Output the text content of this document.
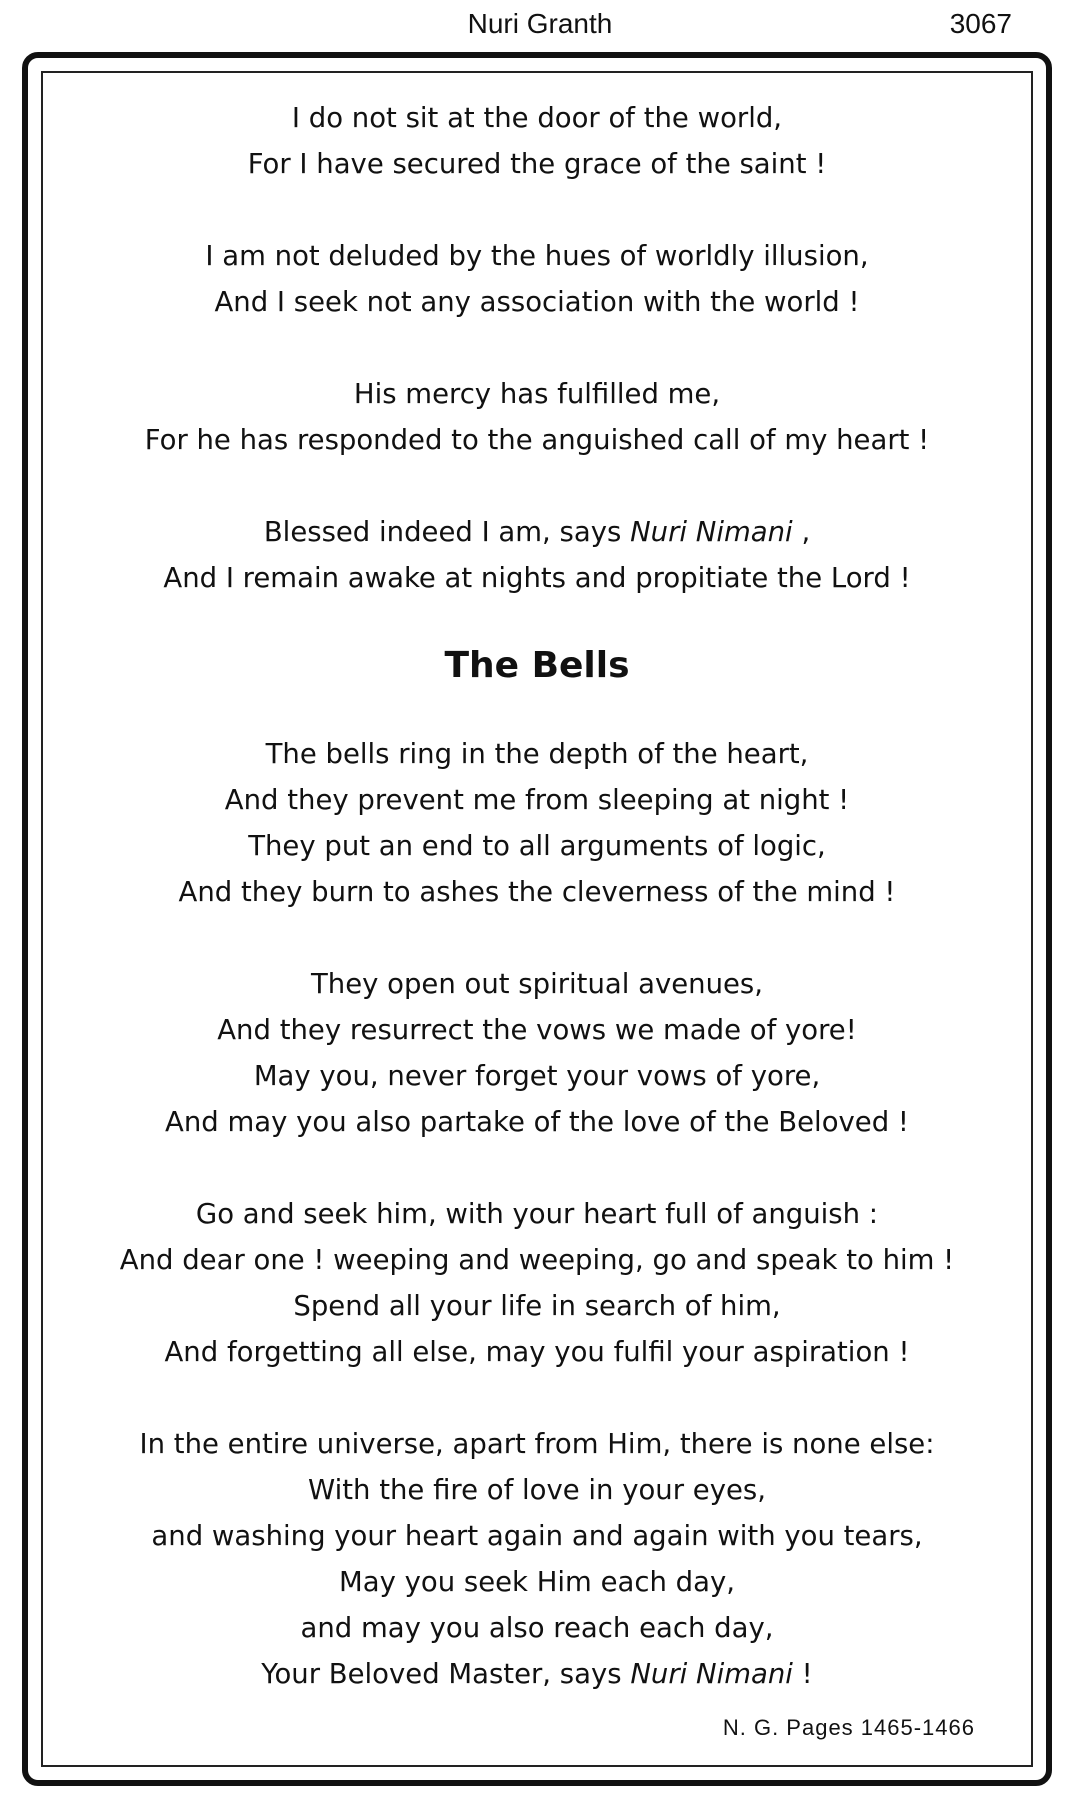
Nuri Granth	3067
I do not sit at the door of the world,
For I have secured the grace of the saint !
I am not deluded by the hues of worldly illusion,
And I seek not any association with the world !
His mercy has fulfilled me,
For he has responded to the anguished call of my heart !
Blessed indeed I am, says Nuri Nimani ,
And I remain awake at nights and propitiate the Lord !
The Bells
The bells ring in the depth of the heart,
And they prevent me from sleeping at night !
They put an end to all arguments of logic,
And they burn to ashes the cleverness of the mind !
They open out spiritual avenues,
And they resurrect the vows we made of yore!
May you, never forget your vows of yore,
And may you also partake of the love of the Beloved !
Go and seek him, with your heart full of anguish :
And dear one ! weeping and weeping, go and speak to him !
Spend all your life in search of him,
And forgetting all else, may you fulfil your aspiration !
In the entire universe, apart from Him, there is none else:
With the fire of love in your eyes,
and washing your heart again and again with you tears,
May you seek Him each day,
and may you also reach each day,
Your Beloved Master, says Nuri Nimani !
N. G. Pages 1465-1466
